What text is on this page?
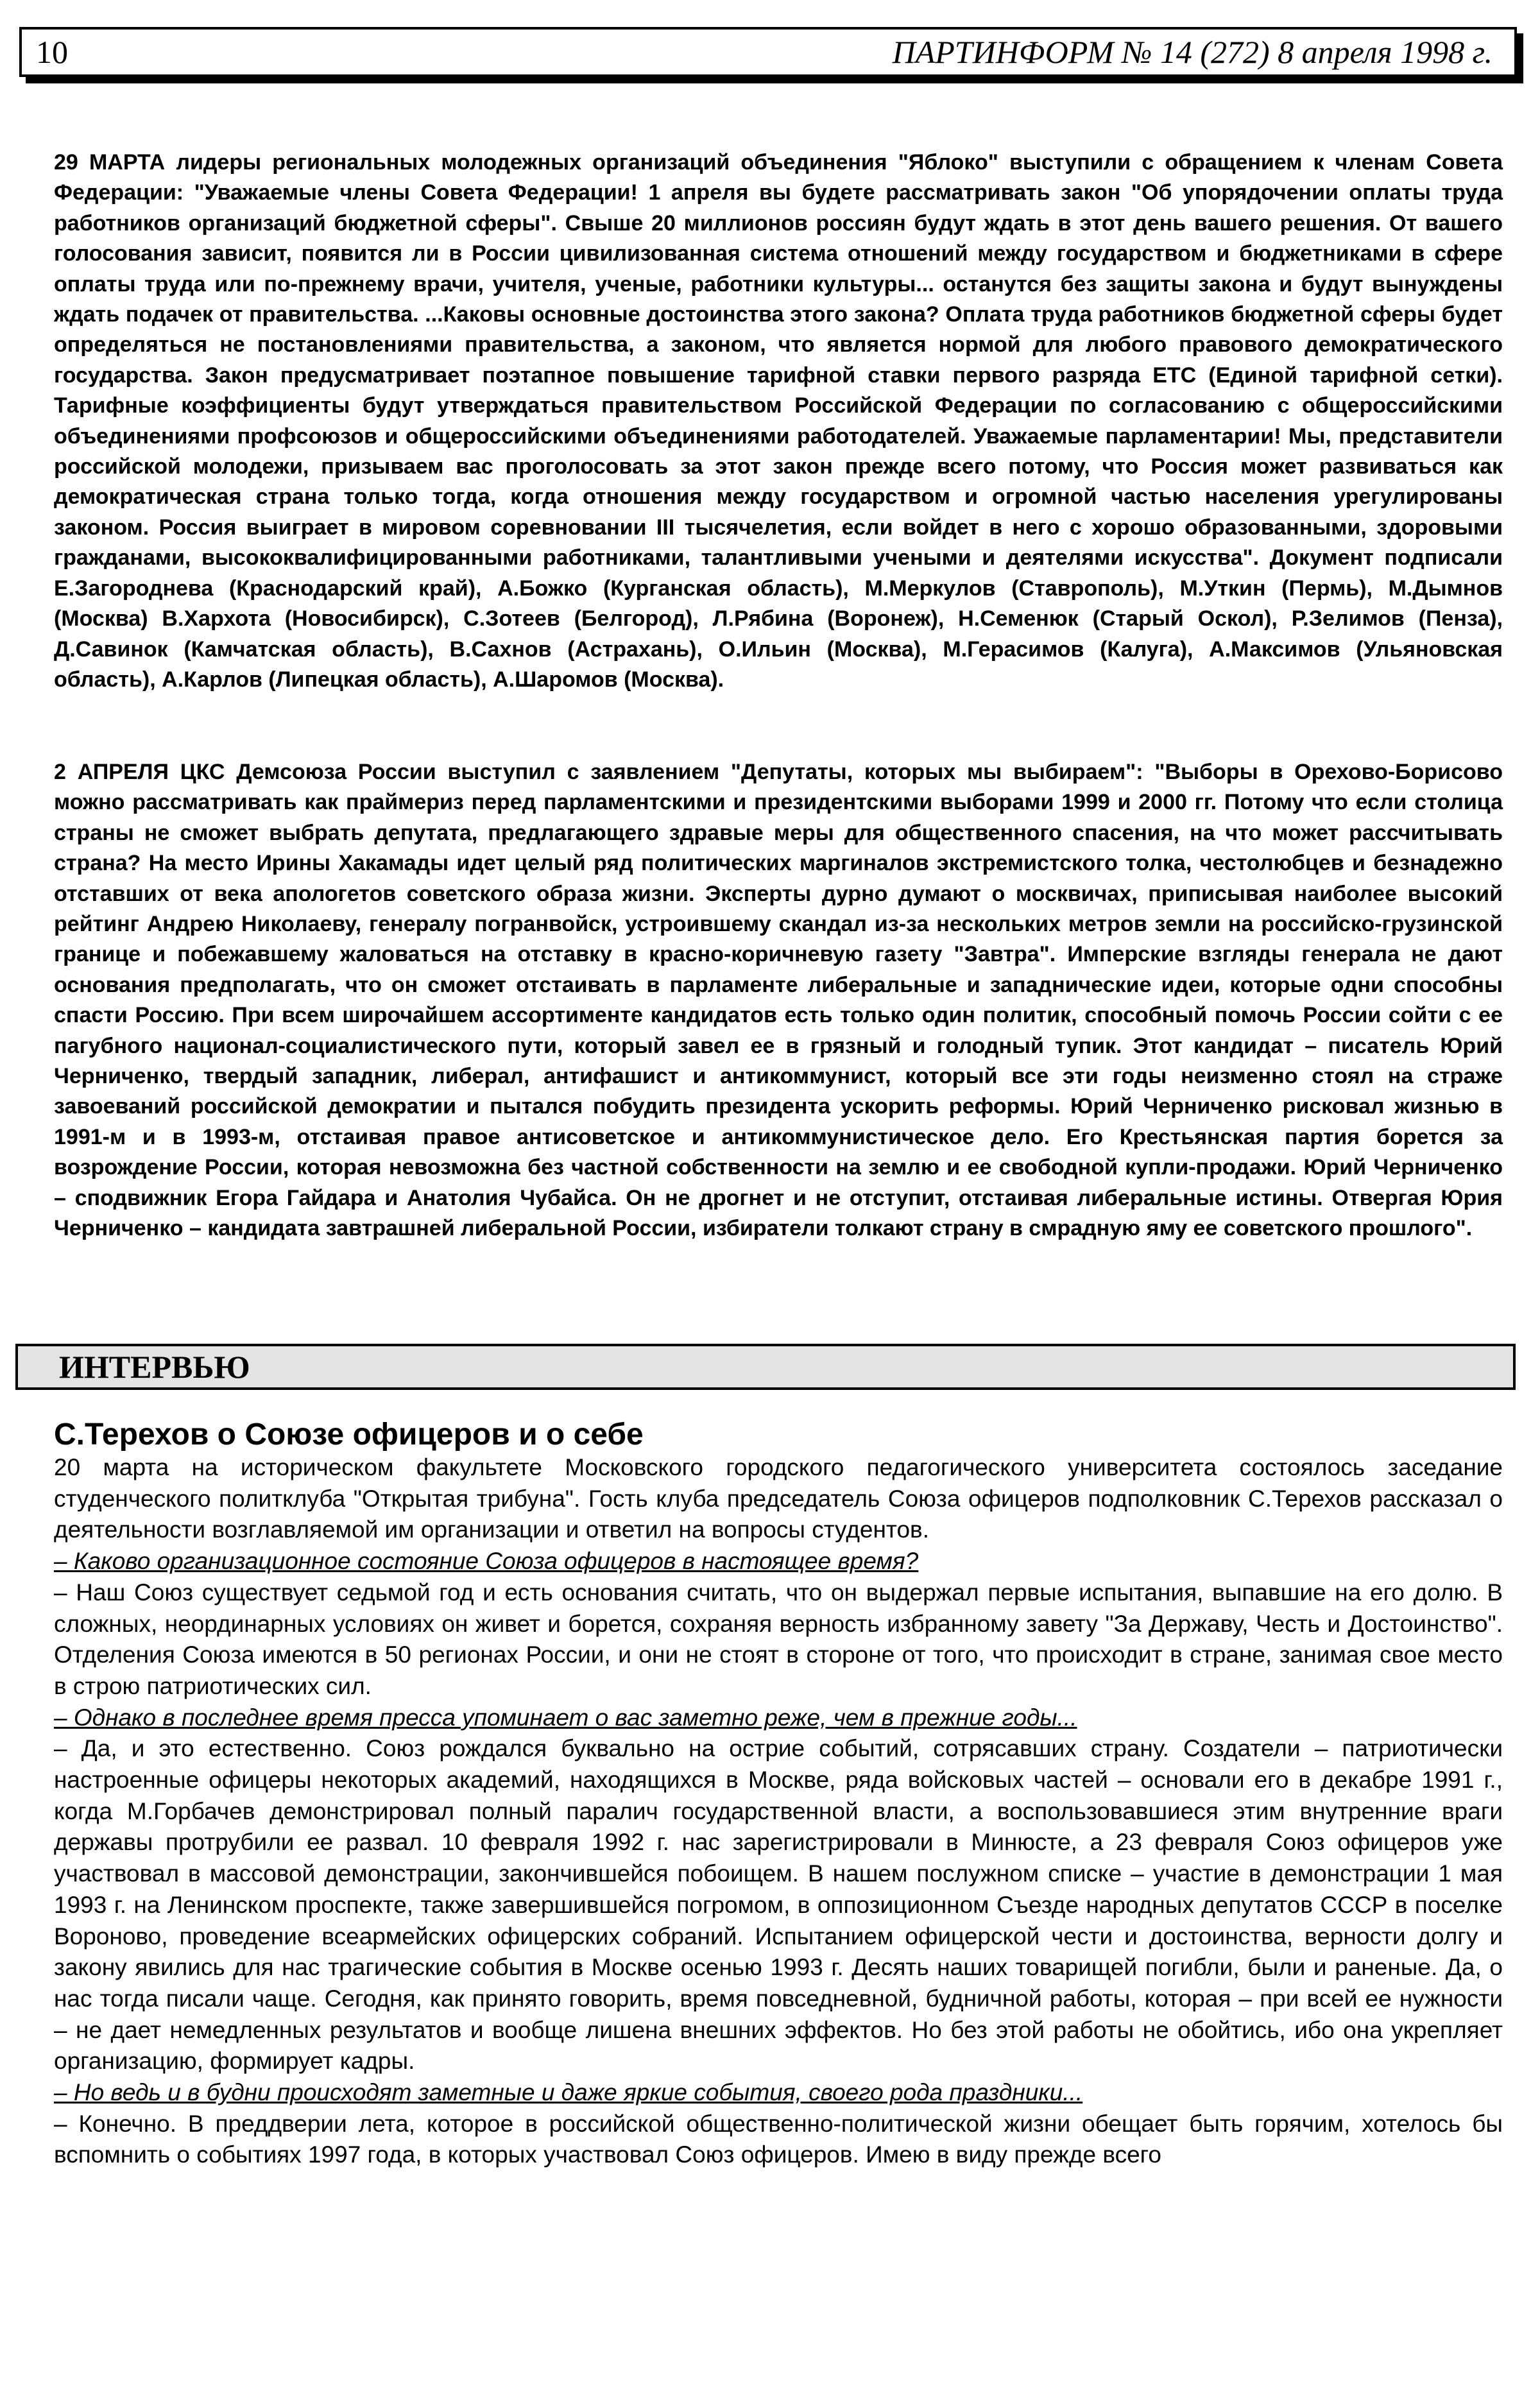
10	ПАРТИНФОРМ № 14 (272) 8 апреля 1998 г.
29 МАРТА лидеры региональных молодежных организаций объединения "Яблоко" выступили с обращением к членам Совета Федерации: "Уважаемые члены Совета Федерации! 1 апреля вы будете рассматривать закон "Об упорядочении оплаты труда работников организаций бюджетной сферы". Свыше 20 миллионов россиян будут ждать в этот день вашего решения. От вашего голосования зависит, появится ли в России цивилизованная система отношений между государством и бюджетниками в сфере оплаты труда или по-прежнему врачи, учителя, ученые, работники культуры... останутся без защиты закона и будут вынуждены ждать подачек от правительства. ...Каковы основные достоинства этого закона? Оплата труда работников бюджетной сферы будет определяться не постановлениями правительства, а законом, что является нормой для любого правового демократического государства. Закон предусматривает поэтапное повышение тарифной ставки первого разряда ЕТС (Единой тарифной сетки). Тарифные коэффициенты будут утверждаться правительством Российской Федерации по согласованию с общероссийскими объединениями профсоюзов и общероссийскими объединениями работодателей. Уважаемые парламентарии! Мы, представители российской молодежи, призываем вас проголосовать за этот закон прежде всего потому, что Россия может развиваться как демократическая страна только тогда, когда отношения между государством и огромной частью населения урегулированы законом. Россия выиграет в мировом соревновании III тысячелетия, если войдет в него с хорошо образованными, здоровыми гражданами, высококвалифицированными работниками, талантливыми учеными и деятелями искусства". Документ подписали Е.Загороднева (Краснодарский край), А.Божко (Курганская область), М.Меркулов (Ставрополь), М.Уткин (Пермь), М.Дымнов (Москва) В.Хархота (Новосибирск), С.Зотеев (Белгород), Л.Рябина (Воронеж), Н.Семенюк (Старый Оскол), Р.Зелимов (Пенза), Д.Савинок (Камчатская область), В.Сахнов (Астрахань), О.Ильин (Москва), М.Герасимов (Калуга), А.Максимов (Ульяновская область), А.Карлов (Липецкая область), А.Шаромов (Москва).
2 АПРЕЛЯ ЦКС Демсоюза России выступил с заявлением "Депутаты, которых мы выбираем": "Выборы в Орехово-Борисово можно рассматривать как праймериз перед парламентскими и президентскими выборами 1999 и 2000 гг. Потому что если столица страны не сможет выбрать депутата, предлагающего здравые меры для общественного спасения, на что может рассчитывать страна? На место Ирины Хакамады идет целый ряд политических маргиналов экстремистского толка, честолюбцев и безнадежно отставших от века апологетов советского образа жизни. Эксперты дурно думают о москвичах, приписывая наиболее высокий рейтинг Андрею Николаеву, генералу погранвойск, устроившему скандал из-за нескольких метров земли на российско-грузинской границе и побежавшему жаловаться на отставку в красно-коричневую газету "Завтра". Имперские взгляды генерала не дают основания предполагать, что он сможет отстаивать в парламенте либеральные и западнические идеи, которые одни способны спасти Россию. При всем широчайшем ассортименте кандидатов есть только один политик, способный помочь России сойти с ее пагубного национал-социалистического пути, который завел ее в грязный и голодный тупик. Этот кандидат – писатель Юрий Черниченко, твердый западник, либерал, антифашист и антикоммунист, который все эти годы неизменно стоял на страже завоеваний российской демократии и пытался побудить президента ускорить реформы. Юрий Черниченко рисковал жизнью в 1991-м и в 1993-м, отстаивая правое антисоветское и антикоммунистическое дело. Его Крестьянская партия борется за возрождение России, которая невозможна без частной собственности на землю и ее свободной купли-продажи. Юрий Черниченко – сподвижник Егора Гайдара и Анатолия Чубайса. Он не дрогнет и не отступит, отстаивая либеральные истины. Отвергая Юрия Черниченко – кандидата завтрашней либеральной России, избиратели толкают страну в смрадную яму ее советского прошлого".
ИНТЕРВЬЮ
С.Терехов о Союзе офицеров и о себе

20 марта на историческом факультете Московского городского педагогического университета состоялось заседание студенческого политклуба "Открытая трибуна". Гость клуба председатель Союза офицеров подполковник С.Терехов рассказал о деятельности возглавляемой им организации и ответил на вопросы студентов.

– Каково организационное состояние Союза офицеров в настоящее время?

– Наш Союз существует седьмой год и есть основания считать, что он выдержал первые испытания, выпавшие на его долю. В сложных, неординарных условиях он живет и борется, сохраняя верность избранному завету "За Державу, Честь и Достоинство". Отделения Союза имеются в 50 регионах России, и они не стоят в стороне от того, что происходит в стране, занимая свое место в строю патриотических сил.

– Однако в последнее время пресса упоминает о вас заметно реже, чем в прежние годы...

– Да, и это естественно. Союз рождался буквально на острие событий, сотрясавших страну. Создатели – патриотически настроенные офицеры некоторых академий, находящихся в Москве, ряда войсковых частей – основали его в декабре 1991 г., когда М.Горбачев демонстрировал полный паралич государственной власти, а воспользовавшиеся этим внутренние враги державы протрубили ее развал. 10 февраля 1992 г. нас зарегистрировали в Минюсте, а 23 февраля Союз офицеров уже участвовал в массовой демонстрации, закончившейся побоищем. В нашем послужном списке – участие в демонстрации 1 мая 1993 г. на Ленинском проспекте, также завершившейся погромом, в оппозиционном Съезде народных депутатов СССР в поселке Вороново, проведение всеармейских офицерских собраний. Испытанием офицерской чести и достоинства, верности долгу и закону явились для нас трагические события в Москве осенью 1993 г. Десять наших товарищей погибли, были и раненые. Да, о нас тогда писали чаще. Сегодня, как принято говорить, время повседневной, будничной работы, которая – при всей ее нужности – не дает немедленных результатов и вообще лишена внешних эффектов. Но без этой работы не обойтись, ибо она укрепляет организацию, формирует кадры.

– Но ведь и в будни происходят заметные и даже яркие события, своего рода праздники...

– Конечно. В преддверии лета, которое в российской общественно-политической жизни обещает быть горячим, хотелось бы вспомнить о событиях 1997 года, в которых участвовал Союз офицеров. Имею в виду прежде всего
